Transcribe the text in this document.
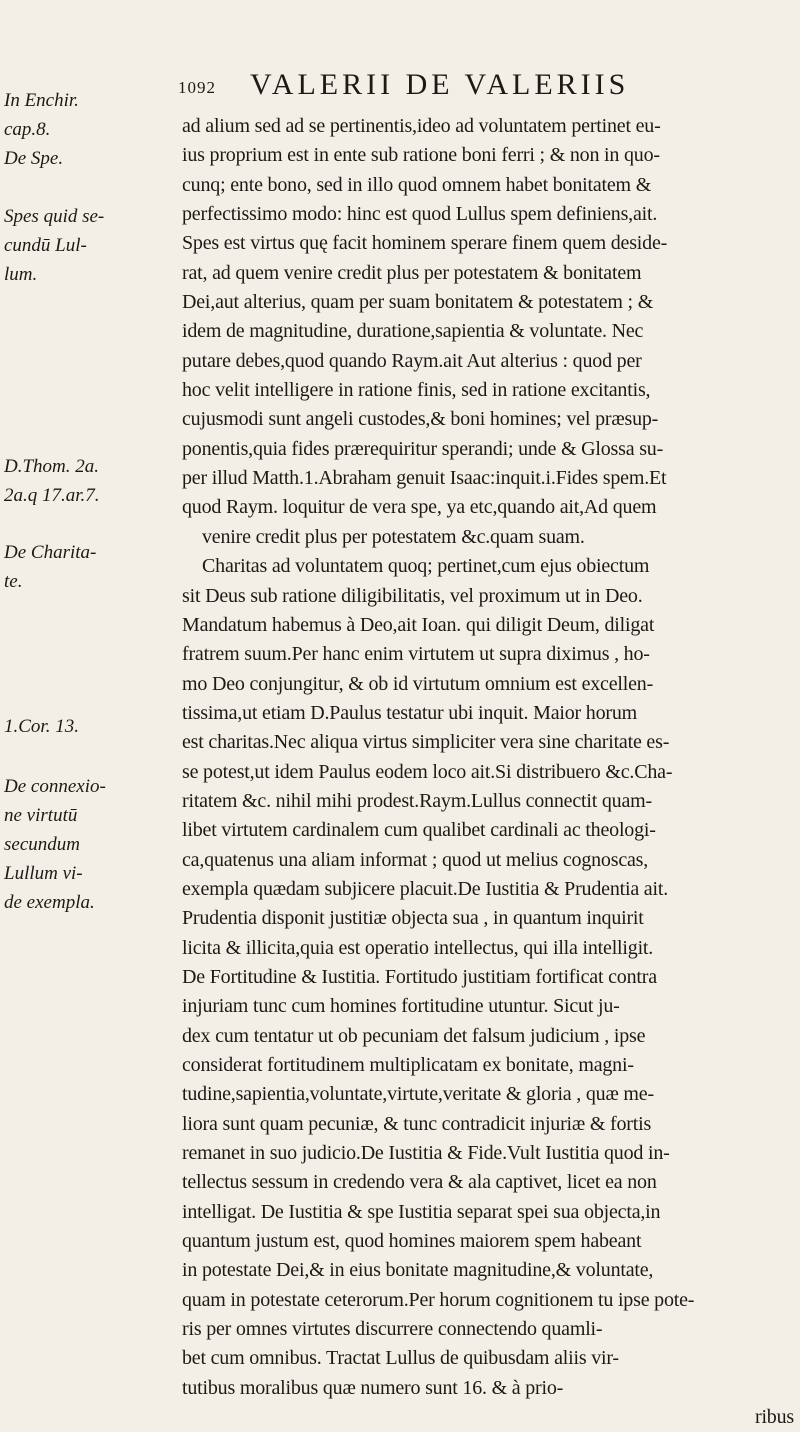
1092 VALERII DE VALERIIS
In Enchir.
cap.8.
De Spe.
Spes quid se-
cundū Lul-
lum.
D.Thom. 2a.
2a.q 17.ar.7.
De Charita-
te.
1.Cor. 13.
De connexio-
ne virtutū
secundum
Lullum vi-
de exempla.
ad alium sed ad se pertinentis,ideo ad voluntatem pertinet eu-
ius proprium est in ente sub ratione boni ferri ; & non in quo-
cunq; ente bono, sed in illo quod omnem habet bonitatem &
perfectissimo modo: hinc est quod Lullus spem definiens,ait.
Spes est virtus quę facit hominem sperare finem quem deside-
rat, ad quem venire credit plus per potestatem & bonitatem
Dei,aut alterius, quam per suam bonitatem & potestatem ; &
idem de magnitudine, duratione,sapientia & voluntate. Nec
putare debes,quod quando Raym.ait Aut alterius : quod per
hoc velit intelligere in ratione finis, sed in ratione excitantis,
cujusmodi sunt angeli custodes,& boni homines; vel præsup-
ponentis,quia fides prærequiritur sperandi; unde & Glossa su-
per illud Matth.1.Abraham genuit Isaac:inquit.i.Fides spem.Et
quod Raym. loquitur de vera spe, ya etc,quando ait,Ad quem
venire credit plus per potestatem &c.quam suam.
Charitas ad voluntatem quoq; pertinet,cum ejus obiectum
sit Deus sub ratione diligibilitatis, vel proximum ut in Deo.
Mandatum habemus à Deo,ait Ioan. qui diligit Deum, diligat
fratrem suum.Per hanc enim virtutem ut supra diximus , ho-
mo Deo conjungitur, & ob id virtutum omnium est excellen-
tissima,ut etiam D.Paulus testatur ubi inquit. Maior horum
est charitas.Nec aliqua virtus simpliciter vera sine charitate es-
se potest,ut idem Paulus eodem loco ait.Si distribuero &c.Cha-
ritatem &c. nihil mihi prodest.Raym.Lullus connectit quam-
libet virtutem cardinalem cum qualibet cardinali ac theologi-
ca,quatenus una aliam informat ; quod ut melius cognoscas,
exempla quædam subjicere placuit.De Iustitia & Prudentia ait.
Prudentia disponit justitiæ objecta sua , in quantum inquirit
licita & illicita,quia est operatio intellectus, qui illa intelligit.
De Fortitudine & Iustitia. Fortitudo justitiam fortificat contra
injuriam tunc cum homines fortitudine utuntur. Sicut ju-
dex cum tentatur ut ob pecuniam det falsum judicium , ipse
considerat fortitudinem multiplicatam ex bonitate, magni-
tudine,sapientia,voluntate,virtute,veritate & gloria , quæ me-
liora sunt quam pecuniæ, & tunc contradicit injuriæ & fortis
remanet in suo judicio.De Iustitia & Fide.Vult Iustitia quod in-
tellectus sessum in credendo vera & ala captivet, licet ea non
intelligat. De Iustitia & spe Iustitia separat spei sua objecta,in
quantum justum est, quod homines maiorem spem habeant
in potestate Dei,& in eius bonitate magnitudine,& voluntate,
quam in potestate ceterorum.Per horum cognitionem tu ipse pote-
ris per omnes virtutes discurrere connectendo quamli-
bet cum omnibus. Tractat Lullus de quibusdam aliis vir-
tutibus moralibus quæ numero sunt 16. & à prio-
ribus
